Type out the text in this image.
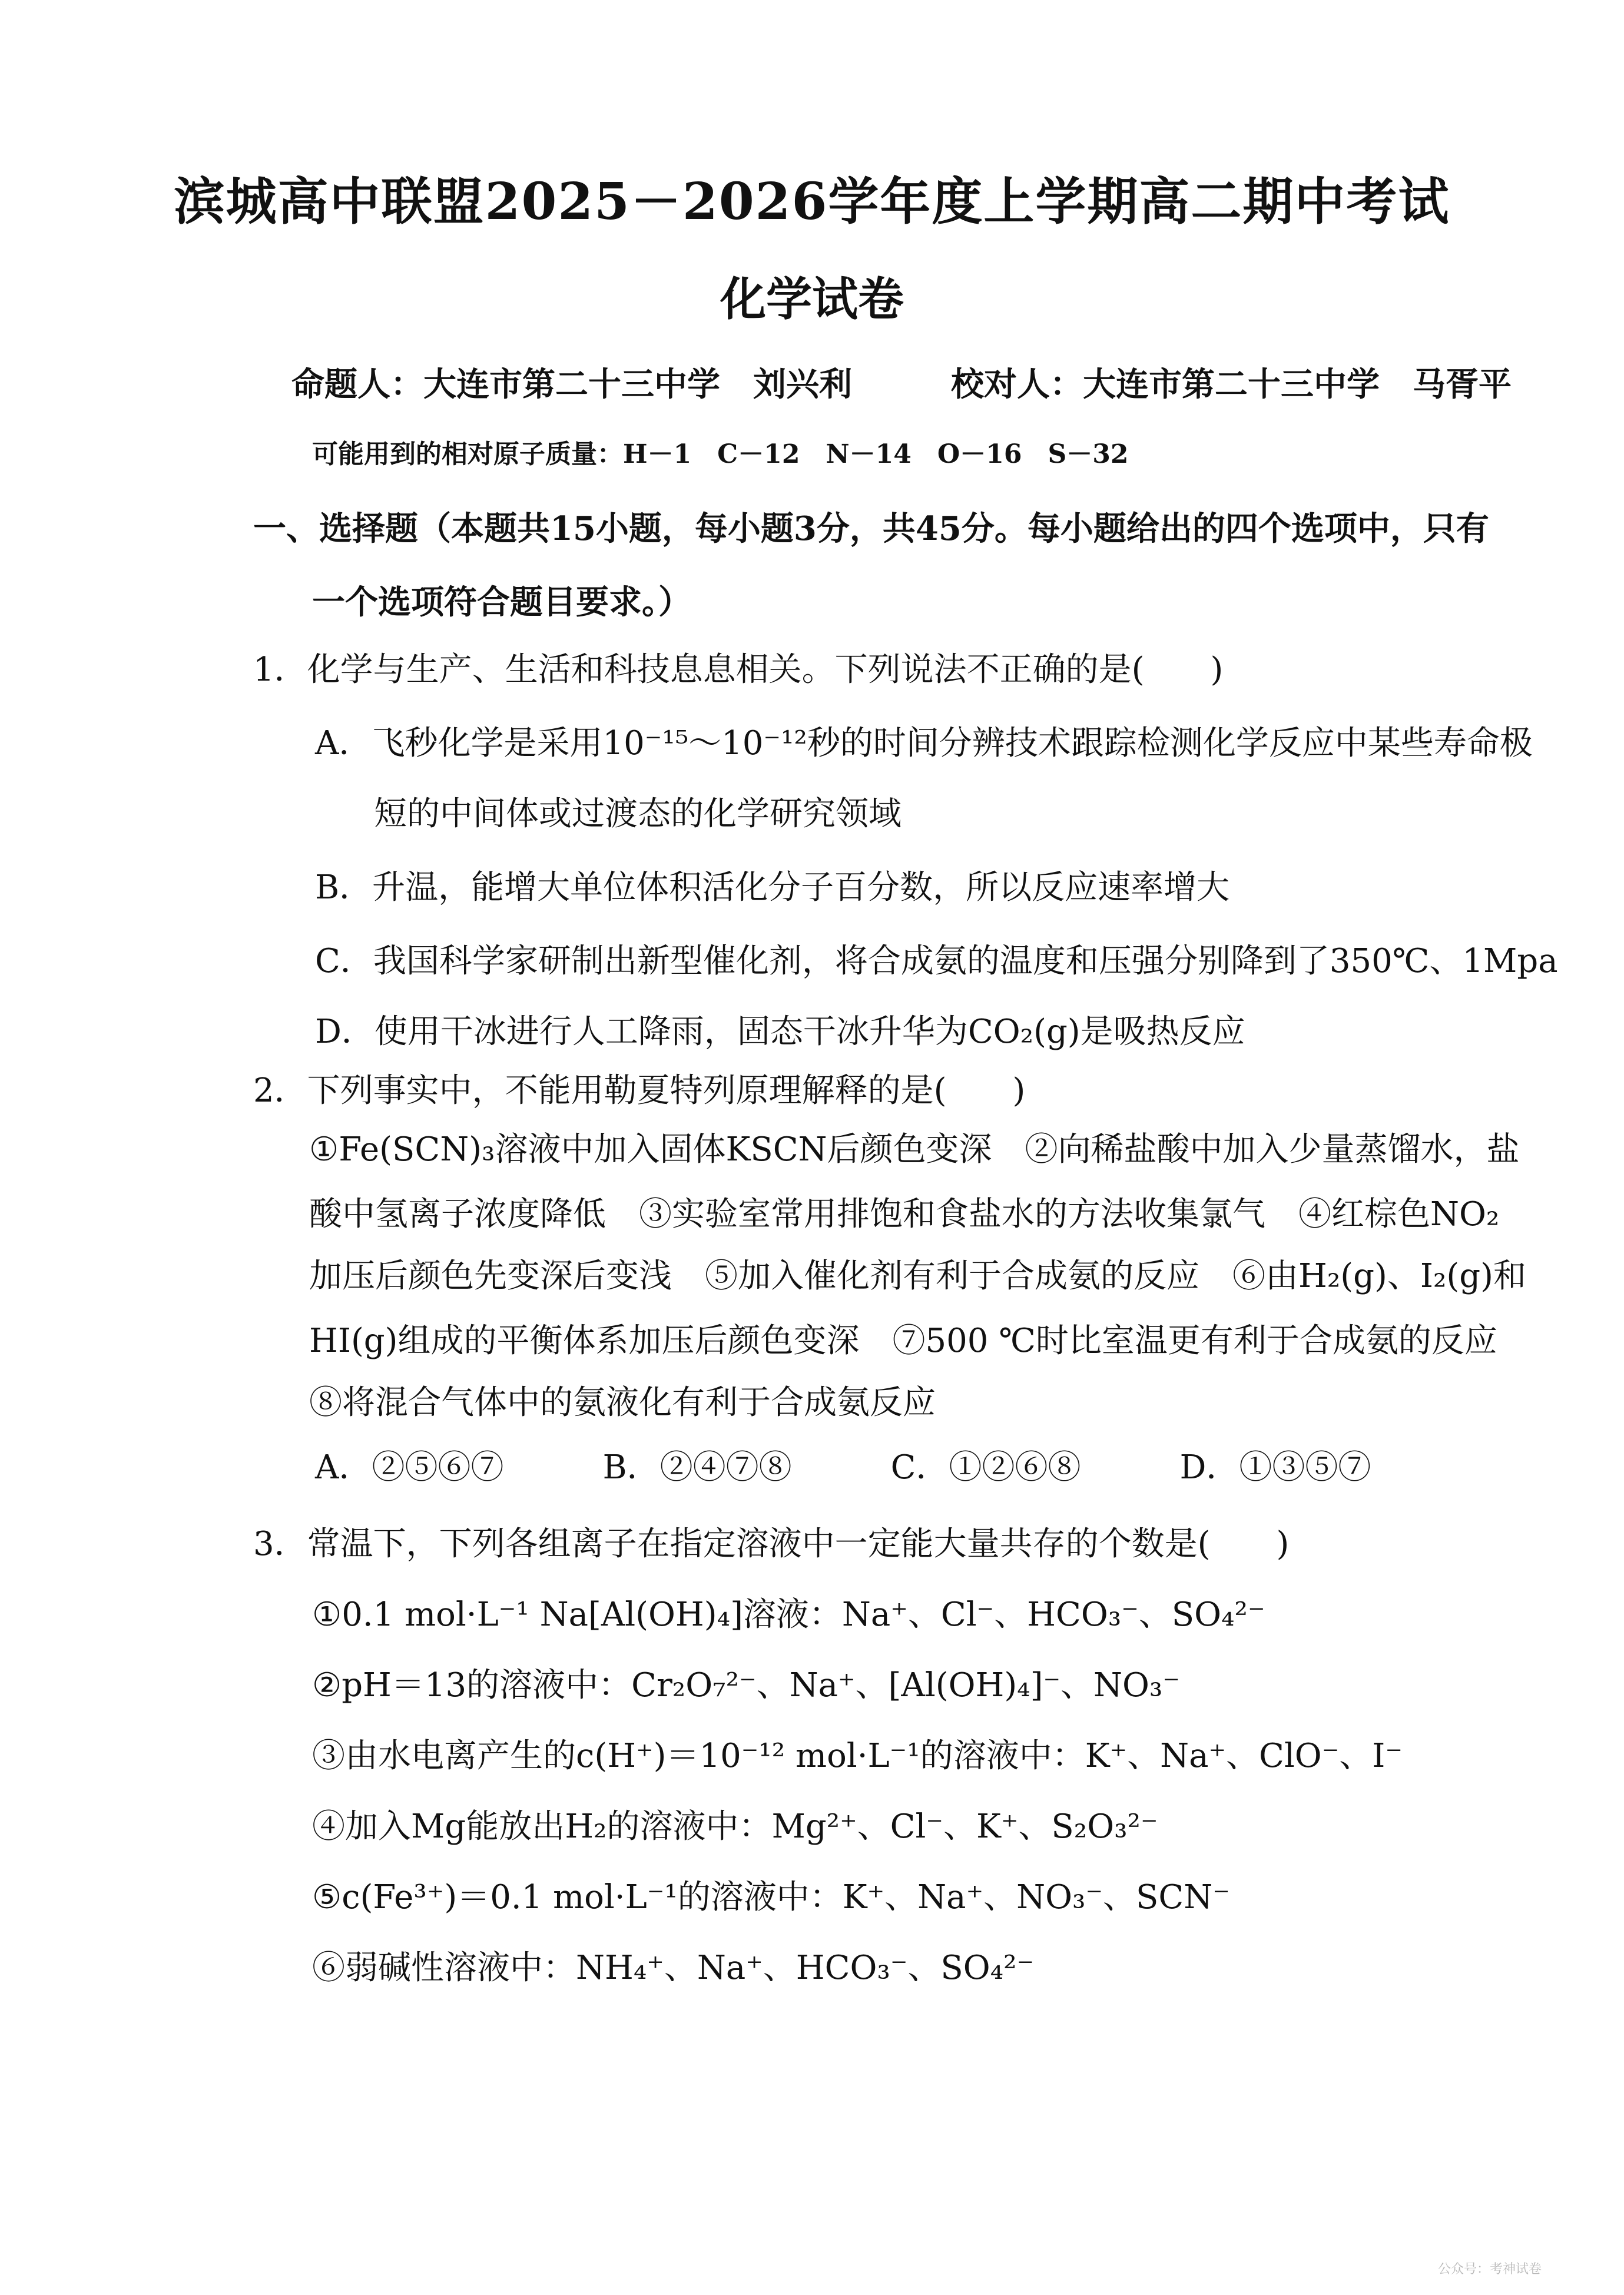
滨城高中联盟2025－2026学年度上学期高二期中考试
化学试卷
命题人：大连市第二十三中学　刘兴利　　　校对人：大连市第二十三中学　马胥平
可能用到的相对原子质量：H－1　C－12　N－14　O－16　S－32
一、选择题（本题共15小题，每小题3分，共45分。每小题给出的四个选项中，只有
一个选项符合题目要求。）
1．化学与生产、生活和科技息息相关。下列说法不正确的是(　　)
A．飞秒化学是采用10⁻¹⁵～10⁻¹²秒的时间分辨技术跟踪检测化学反应中某些寿命极
短的中间体或过渡态的化学研究领域
B．升温，能增大单位体积活化分子百分数，所以反应速率增大
C．我国科学家研制出新型催化剂，将合成氨的温度和压强分别降到了350℃、1Mpa
D．使用干冰进行人工降雨，固态干冰升华为CO₂(g)是吸热反应
2．下列事实中，不能用勒夏特列原理解释的是(　　)
①Fe(SCN)₃溶液中加入固体KSCN后颜色变深　②向稀盐酸中加入少量蒸馏水，盐
酸中氢离子浓度降低　③实验室常用排饱和食盐水的方法收集氯气　④红棕色NO₂
加压后颜色先变深后变浅　⑤加入催化剂有利于合成氨的反应　⑥由H₂(g)、I₂(g)和
HI(g)组成的平衡体系加压后颜色变深　⑦500 ℃时比室温更有利于合成氨的反应
⑧将混合气体中的氨液化有利于合成氨反应
A．②⑤⑥⑦　　　B．②④⑦⑧　　　C．①②⑥⑧　　　D．①③⑤⑦
3．常温下，下列各组离子在指定溶液中一定能大量共存的个数是(　　)
①0.1 mol·L⁻¹ Na[Al(OH)₄]溶液：Na⁺、Cl⁻、HCO₃⁻、SO₄²⁻
②pH＝13的溶液中：Cr₂O₇²⁻、Na⁺、[Al(OH)₄]⁻、NO₃⁻
③由水电离产生的c(H⁺)＝10⁻¹² mol·L⁻¹的溶液中：K⁺、Na⁺、ClO⁻、I⁻
④加入Mg能放出H₂的溶液中：Mg²⁺、Cl⁻、K⁺、S₂O₃²⁻
⑤c(Fe³⁺)＝0.1 mol·L⁻¹的溶液中：K⁺、Na⁺、NO₃⁻、SCN⁻
⑥弱碱性溶液中：NH₄⁺、Na⁺、HCO₃⁻、SO₄²⁻
公众号：考神试卷
